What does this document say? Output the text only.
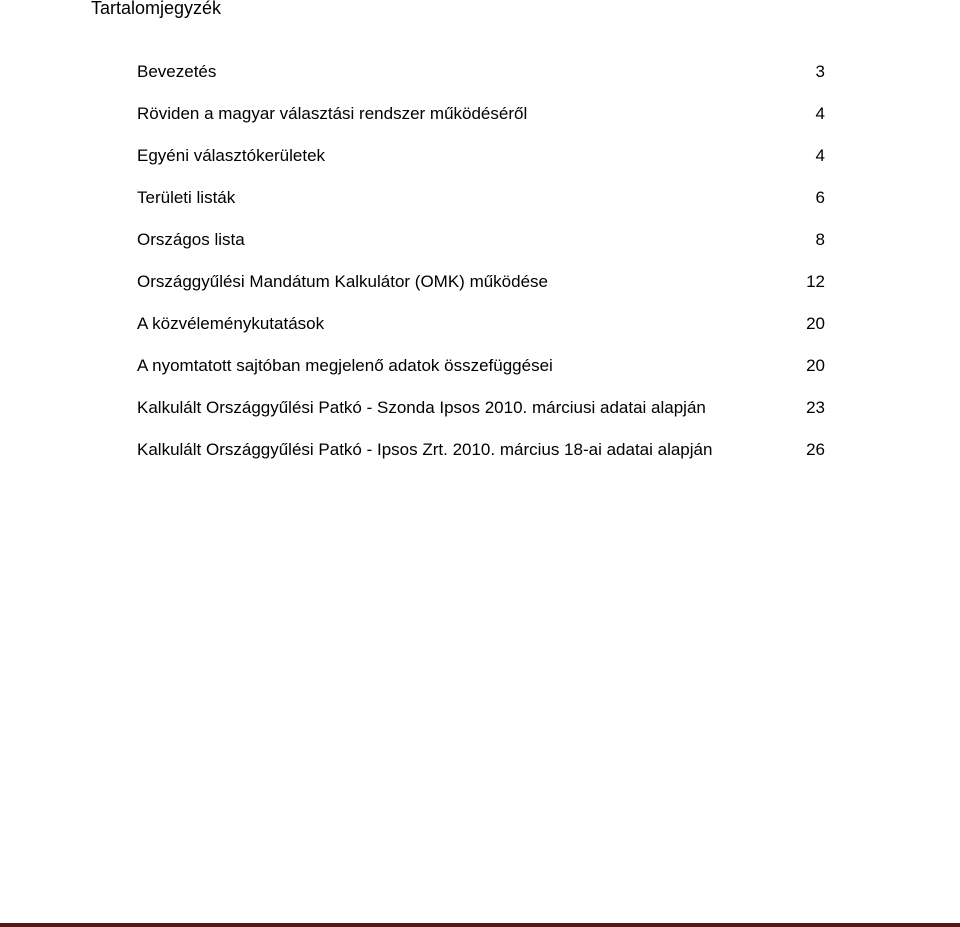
Tartalomjegyzék
Bevezetés	3
Röviden a magyar választási rendszer működéséről	4
Egyéni választókerületek	4
Területi listák	6
Országos lista	8
Országgyűlési Mandátum Kalkulátor (OMK) működése	12
A közvéleménykutatások	20
A nyomtatott sajtóban megjelenő adatok összefüggései	20
Kalkulált Országgyűlési Patkó - Szonda Ipsos 2010. márciusi adatai alapján	23
Kalkulált Országgyűlési Patkó - Ipsos Zrt. 2010. március 18-ai adatai alapján	26
